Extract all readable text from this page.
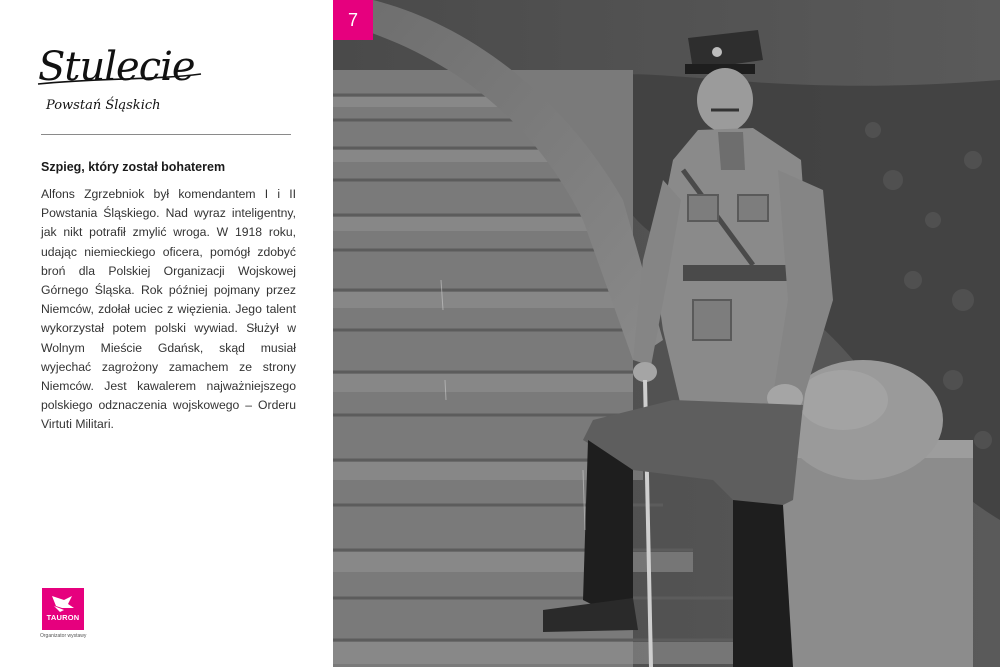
Stulecie
Powstań Śląskich
Szpieg, który został bohaterem
Alfons Zgrzebniok był komendantem I i II Powstania Śląskiego. Nad wyraz inteligentny, jak nikt potrafił zmylić wroga. W 1918 roku, udając niemieckiego oficera, pomógł zdobyć broń dla Polskiej Organizacji Wojskowej Górnego Śląska. Rok później pojmany przez Niemców, zdołał uciec z więzienia. Jego talent wykorzystał potem polski wywiad. Służył w Wolnym Mieście Gdańsk, skąd musiał wyjechać zagrożony zamachem ze strony Niemców. Jest kawalerem najważniejszego polskiego odznaczenia wojskowego – Orderu Virtuti Militari.
TAURON
Organizator wystawy
7
